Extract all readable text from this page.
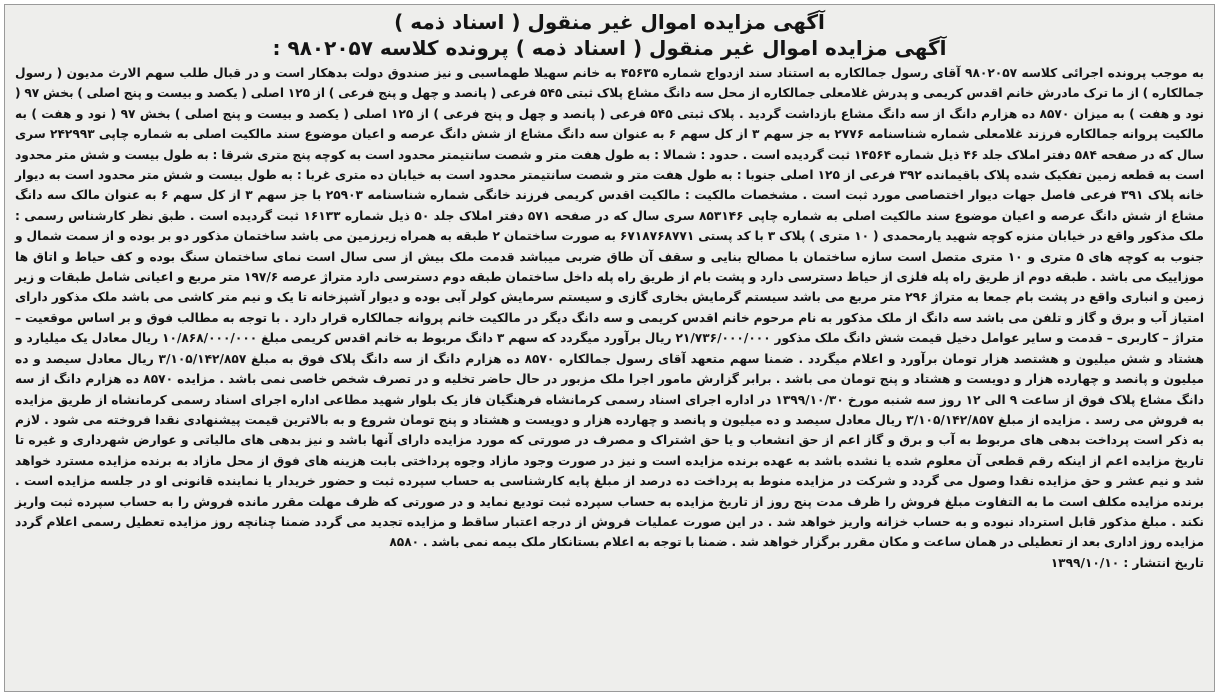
آگهی مزایده اموال غیر منقول ( اسناد ذمه )
آگهی مزایده اموال غیر منقول ( اسناد ذمه ) پرونده کلاسه ۹۸۰۲۰۵۷ :

به موجب پرونده اجرائی کلاسه ۹۸۰۲۰۵۷ آقای رسول جمالکاره به استناد سند ازدواج شماره ۴۵۶۳۵ به خانم سهیلا طهماسبی و نیز صندوق دولت بدهکار است و در قبال طلب سهم الارث مدیون ( رسول جمالکاره ) از ما ترک مادرش خانم اقدس کریمی و پدرش غلامعلی جمالکاره از محل سه دانگ مشاع پلاک ثبتی ۵۴۵ فرعی ( پانصد و چهل و پنج فرعی ) از ۱۲۵ اصلی ( یکصد و بیست و پنج اصلی ) بخش ۹۷ ( نود و هفت ) به میزان ۸۵۷۰ ده هزارم دانگ از سه دانگ مشاع بازداشت گردید . پلاک ثبتی ۵۴۵ فرعی ( پانصد و چهل و پنج فرعی ) از ۱۲۵ اصلی ( یکصد و بیست و پنج اصلی ) بخش ۹۷ ( نود و هفت ) به مالکیت پروانه جمالکاره فرزند غلامعلی شماره شناسنامه ۲۷۷۶ به جز سهم ۳ از کل سهم ۶ به عنوان سه دانگ مشاع از شش دانگ عرصه و اعیان موضوع سند مالکیت اصلی به شماره چاپی ۲۴۲۹۹۳ سری سال که در صفحه ۵۸۴ دفتر املاک جلد ۴۶ ذیل شماره ۱۴۵۶۴ ثبت گردیده است . حدود : شمالا : به طول هفت متر و شصت سانتیمتر محدود است به کوچه پنج متری شرقا : به طول بیست و شش متر محدود است به قطعه زمین تفکیک شده پلاک باقیمانده ۳۹۲ فرعی از ۱۲۵ اصلی جنوبا : به طول هفت متر و شصت سانتیمتر محدود است به خیابان ده متری غربا : به طول بیست و شش متر محدود است به دیوار خانه پلاک ۳۹۱ فرعی فاصل جهات دیوار اختصاصی مورد ثبت است . مشخصات مالکیت : مالکیت اقدس کریمی فرزند خانگی شماره شناسنامه ۲۵۹۰۳ با جز سهم ۳ از کل سهم ۶ به عنوان مالک سه دانگ مشاع از شش دانگ عرصه و اعیان موضوع سند مالکیت اصلی به شماره چاپی ۸۵۳۱۴۶ سری سال که در صفحه ۵۷۱ دفتر املاک جلد ۵۰ ذیل شماره ۱۶۱۳۳ ثبت گردیده است . طبق نظر کارشناس رسمی : ملک مذکور واقع در خیابان منزه کوچه شهید یارمحمدی ( ۱۰ متری ) پلاک ۳ با کد پستی ۶۷۱۸۷۶۸۷۷۱ به صورت ساختمان ۲ طبقه به همراه زیرزمین می باشد ساختمان مذکور دو بر بوده و از سمت شمال و جنوب به کوچه های ۵ متری و ۱۰ متری متصل است سازه ساختمان با مصالح بنایی و سقف آن طاق ضربی میباشد قدمت ملک بیش از سی سال است نمای ساختمان سنگ بوده و کف حیاط و اتاق ها موزاییک می باشد . طبقه دوم از طریق راه پله فلزی از حیاط دسترسی دارد و پشت بام از طریق راه پله داخل ساختمان طبقه دوم دسترسی دارد متراژ عرصه ۱۹۷/۶ متر مربع و اعیانی شامل طبقات و زیر زمین و انباری واقع در پشت بام جمعا به متراژ ۲۹۶ متر مربع می باشد سیستم گرمایش بخاری گازی و سیستم سرمایش کولر آبی بوده و دیوار آشپزخانه تا یک و نیم متر کاشی می باشد ملک مذکور دارای امتیاز آب و برق و گاز و تلفن می باشد سه دانگ از ملک مذکور به نام مرحوم خانم اقدس کریمی و سه دانگ دیگر در مالکیت خانم پروانه جمالکاره قرار دارد . با توجه به مطالب فوق و بر اساس موقعیت – متراژ – کاربری – قدمت و سایر عوامل دخیل قیمت شش دانگ ملک مذکور ۲۱/۷۳۶/۰۰۰/۰۰۰ ریال برآورد میگردد که سهم ۳ دانگ مربوط به خانم اقدس کریمی مبلغ ۱۰/۸۶۸/۰۰۰/۰۰۰ ریال معادل یک میلیارد و هشتاد و شش میلیون و هشتصد هزار تومان برآورد و اعلام میگردد . ضمنا سهم متعهد آقای رسول جمالکاره ۸۵۷۰ ده هزارم دانگ از سه دانگ پلاک فوق به مبلغ ۳/۱۰۵/۱۴۲/۸۵۷ ریال معادل سیصد و ده میلیون و پانصد و چهارده هزار و دویست و هشتاد و پنج تومان می باشد . برابر گزارش مامور اجرا ملک مزبور در حال حاضر تخلیه و در تصرف شخص خاصی نمی باشد . مزایده ۸۵۷۰ ده هزارم دانگ از سه دانگ مشاع پلاک فوق از ساعت ۹ الی ۱۲ روز سه شنبه مورخ ۱۳۹۹/۱۰/۳۰ در اداره اجرای اسناد رسمی کرمانشاه فرهنگیان فاز یک بلوار شهید مطاعی اداره اجرای اسناد رسمی کرمانشاه از طریق مزایده به فروش می رسد . مزایده از مبلغ ۳/۱۰۵/۱۴۲/۸۵۷ ریال معادل سیصد و ده میلیون و پانصد و چهارده هزار و دویست و هشتاد و پنج تومان شروع و به بالاترین قیمت پیشنهادی نقدا فروخته می شود . لازم به ذکر است پرداخت بدهی های مربوط به آب و برق و گاز اعم از حق انشعاب و یا حق اشتراک و مصرف در صورتی که مورد مزایده دارای آنها باشد و نیز بدهی های مالیاتی و عوارض شهرداری و غیره تا تاریخ مزایده اعم از اینکه رقم قطعی آن معلوم شده یا نشده باشد به عهده برنده مزایده است و نیز در صورت وجود مازاد وجوه پرداختی بابت هزینه های فوق از محل مازاد به برنده مزایده مسترد خواهد شد و نیم عشر و حق مزایده نقدا وصول می گردد و شرکت در مزایده منوط به پرداخت ده درصد از مبلغ پایه کارشناسی به حساب سپرده ثبت و حضور خریدار یا نماینده قانونی او در جلسه مزایده است . برنده مزایده مکلف است ما به التفاوت مبلغ فروش را ظرف مدت پنج روز از تاریخ مزایده به حساب سپرده ثبت تودیع نماید و در صورتی که ظرف مهلت مقرر مانده فروش را به حساب سپرده ثبت واریز نکند . مبلغ مذکور قابل استرداد نبوده و به حساب خزانه واریز خواهد شد . در این صورت عملیات فروش از درجه اعتبار ساقط و مزایده تجدید می گردد ضمنا چنانچه روز مزایده تعطیل رسمی اعلام گردد مزایده روز اداری بعد از تعطیلی در همان ساعت و مکان مقرر برگزار خواهد شد . ضمنا با توجه به اعلام بستانکار ملک بیمه نمی باشد . ۸۵۸۰

تاریخ انتشار : ۱۳۹۹/۱۰/۱۰
